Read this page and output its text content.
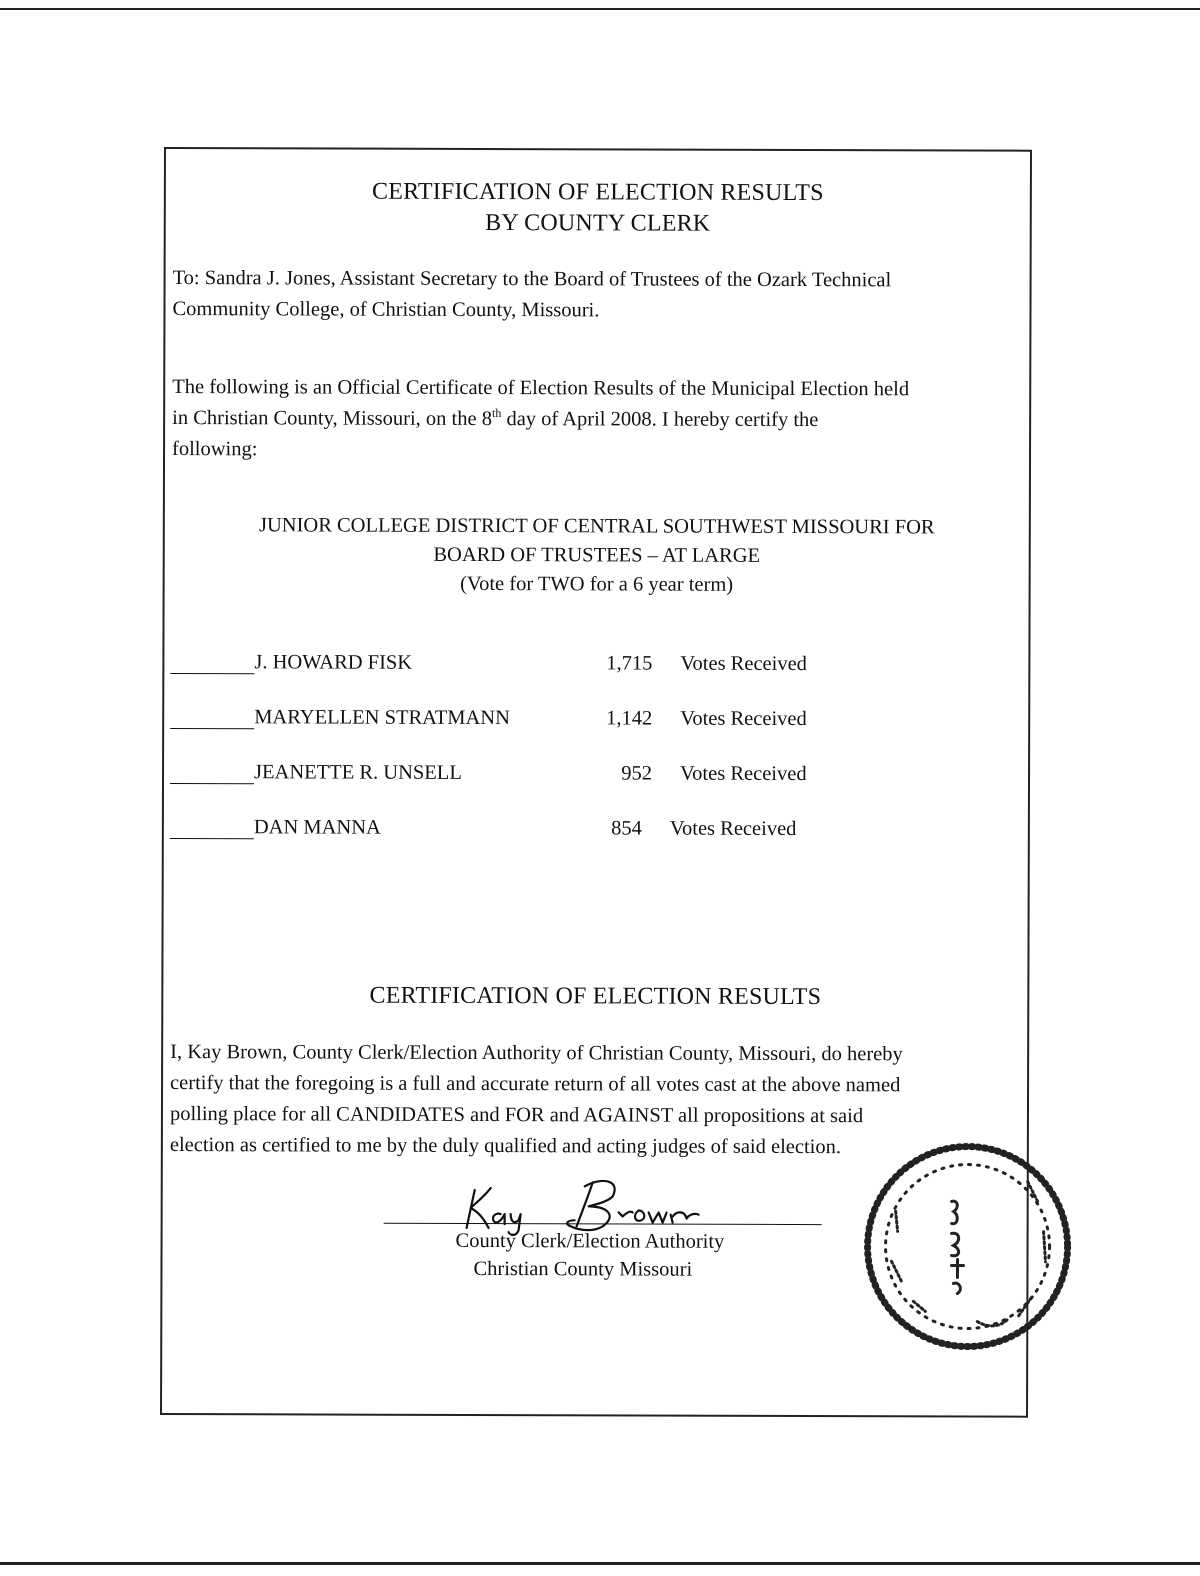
CERTIFICATION OF ELECTION RESULTS
BY COUNTY CLERK
To: Sandra J. Jones, Assistant Secretary to the Board of Trustees of the Ozark Technical
Community College, of Christian County, Missouri.
The following is an Official Certificate of Election Results of the Municipal Election held
in Christian County, Missouri, on the 8th day of April 2008. I hereby certify the
following:
JUNIOR COLLEGE DISTRICT OF CENTRAL SOUTHWEST MISSOURI FOR
BOARD OF TRUSTEES – AT LARGE
(Vote for TWO for a 6 year term)
J. HOWARD FISK	1,715 Votes Received
MARYELLEN STRATMANN	1,142 Votes Received
JEANETTE R. UNSELL	952 Votes Received
DAN MANNA	854 Votes Received
CERTIFICATION OF ELECTION RESULTS
I, Kay Brown, County Clerk/Election Authority of Christian County, Missouri, do hereby
certify that the foregoing is a full and accurate return of all votes cast at the above named
polling place for all CANDIDATES and FOR and AGAINST all propositions at said
election as certified to me by the duly qualified and acting judges of said election.
County Clerk/Election Authority
Christian County Missouri
